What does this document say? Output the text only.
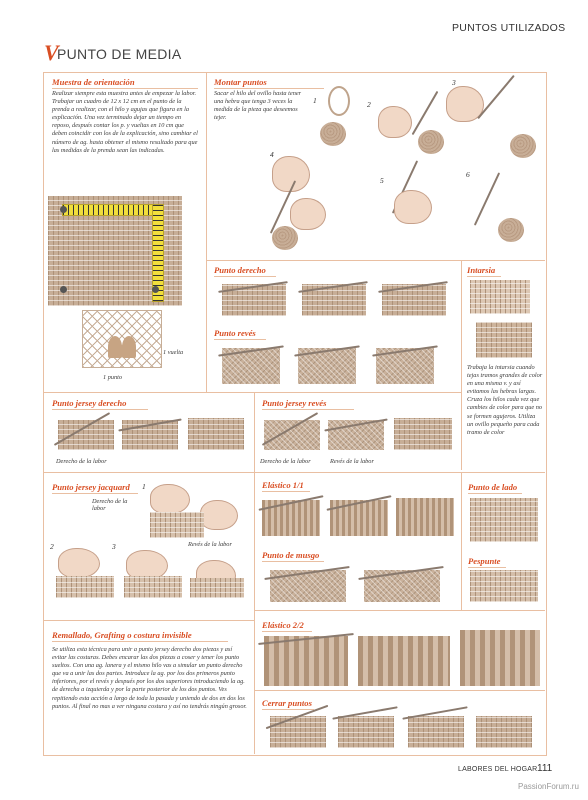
PUNTOS UTILIZADOS
V
PUNTO DE MEDIA
Muestra de orientación
Realizar siempre esta muestra antes de empezar la labor. Trabajar un cuadro de 12 x 12 cm en el punto de la prenda a realizar, con el hilo y agujas que figura en la explicación. Una vez terminado dejar un tiempo en reposo, después contar los p. y vueltas en 10 cm que deben coincidir con los de la explicación, sino cambiar el número de ag. hasta obtener el mismo resultado para que las medidas de la prenda sean las indicadas.
1 vuelta
1 punto
Montar puntos
Sacar el hilo del ovillo hasta tener una hebra que tenga 3 veces la medida de la pieza que deseemos tejer.
1	2
3
4
5
6
Punto derecho
Punto revés
Intarsia
Trabaja la intarsia cuando tejas tramos grandes de color en una misma v. y así evitamos las hebras largas. Cruza los hilos cada vez que cambies de color para que no se formen agujeros. Utiliza un ovillo pequeño para cada tramo de color
Punto jersey derecho
Derecho de la labor
Punto jersey revés
Derecho de la labor	Revés de la labor
Punto jersey jacquard
Derecho de la labor
1
Revés de la labor
2	3
Remallado, Grafting o costura invisible
Se utiliza esta técnica para unir a punto jersey derecho dos piezas y así evitar las costuras. Debes encarar las dos piezas a coser y tener los punto sueltos. Con una ag. lanera y el mismo hilo vas a simular un punto derecho que va a unir las dos partes. Introduce la ag. por los dos primeros punto inferiores, por el revés y después por los dos superiores introduciendo la ag. de derecha a izquierda y por la parte posterior de los dos puntos. Ves repitiendo esta acción a largo de toda la pasada y uniendo de dos en dos los puntos. Al final no mas a ver ninguna costura y así no tendrás ningún grosor.
Elástico 1/1	Punto de lado
Punto de musgo
Pespunte
Elástico 2/2
Cerrar puntos
LABORES DEL HOGAR 111
PassionForum.ru
